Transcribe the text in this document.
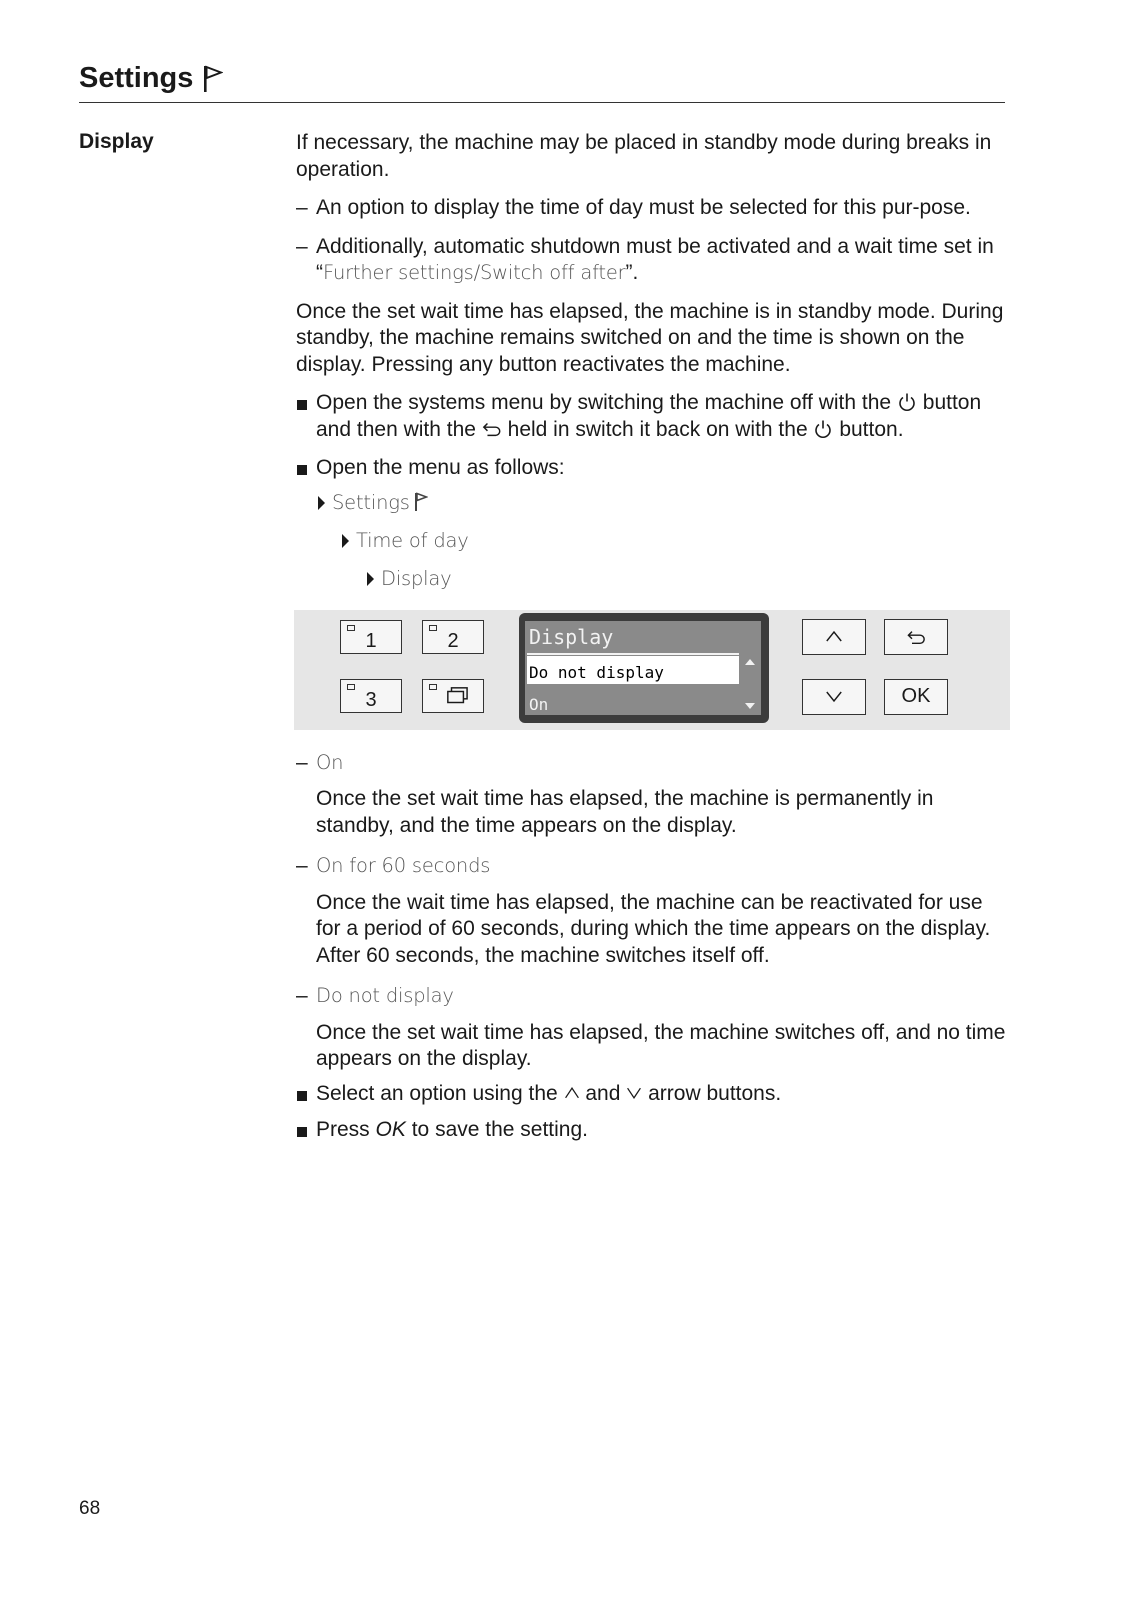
Settings
Display	If necessary, the machine may be placed in standby mode during breaks in operation.

– An option to display the time of day must be selected for this pur-pose.
– Additionally, automatic shutdown must be activated and a wait time set in “Further settings/Switch off after”.

Once the set wait time has elapsed, the machine is in standby mode. During standby, the machine remains switched on and the time is shown on the display. Pressing any button reactivates the machine.

Open the systems menu by switching the machine off with the button and then with the held in switch it back on with the button.
Open the menu as follows:
Settings
Time of day
Display
1	2
3
Display
Do not display
On	OK
– On

Once the set wait time has elapsed, the machine is permanently in standby, and the time appears on the display.

– On for 60 seconds

Once the wait time has elapsed, the machine can be reactivated for use for a period of 60 seconds, during which the time appears on the display. After 60 seconds, the machine switches itself off.

– Do not display

Once the set wait time has elapsed, the machine switches off, and no time appears on the display.

Select an option using the and arrow buttons.
Press OK to save the setting.
68
